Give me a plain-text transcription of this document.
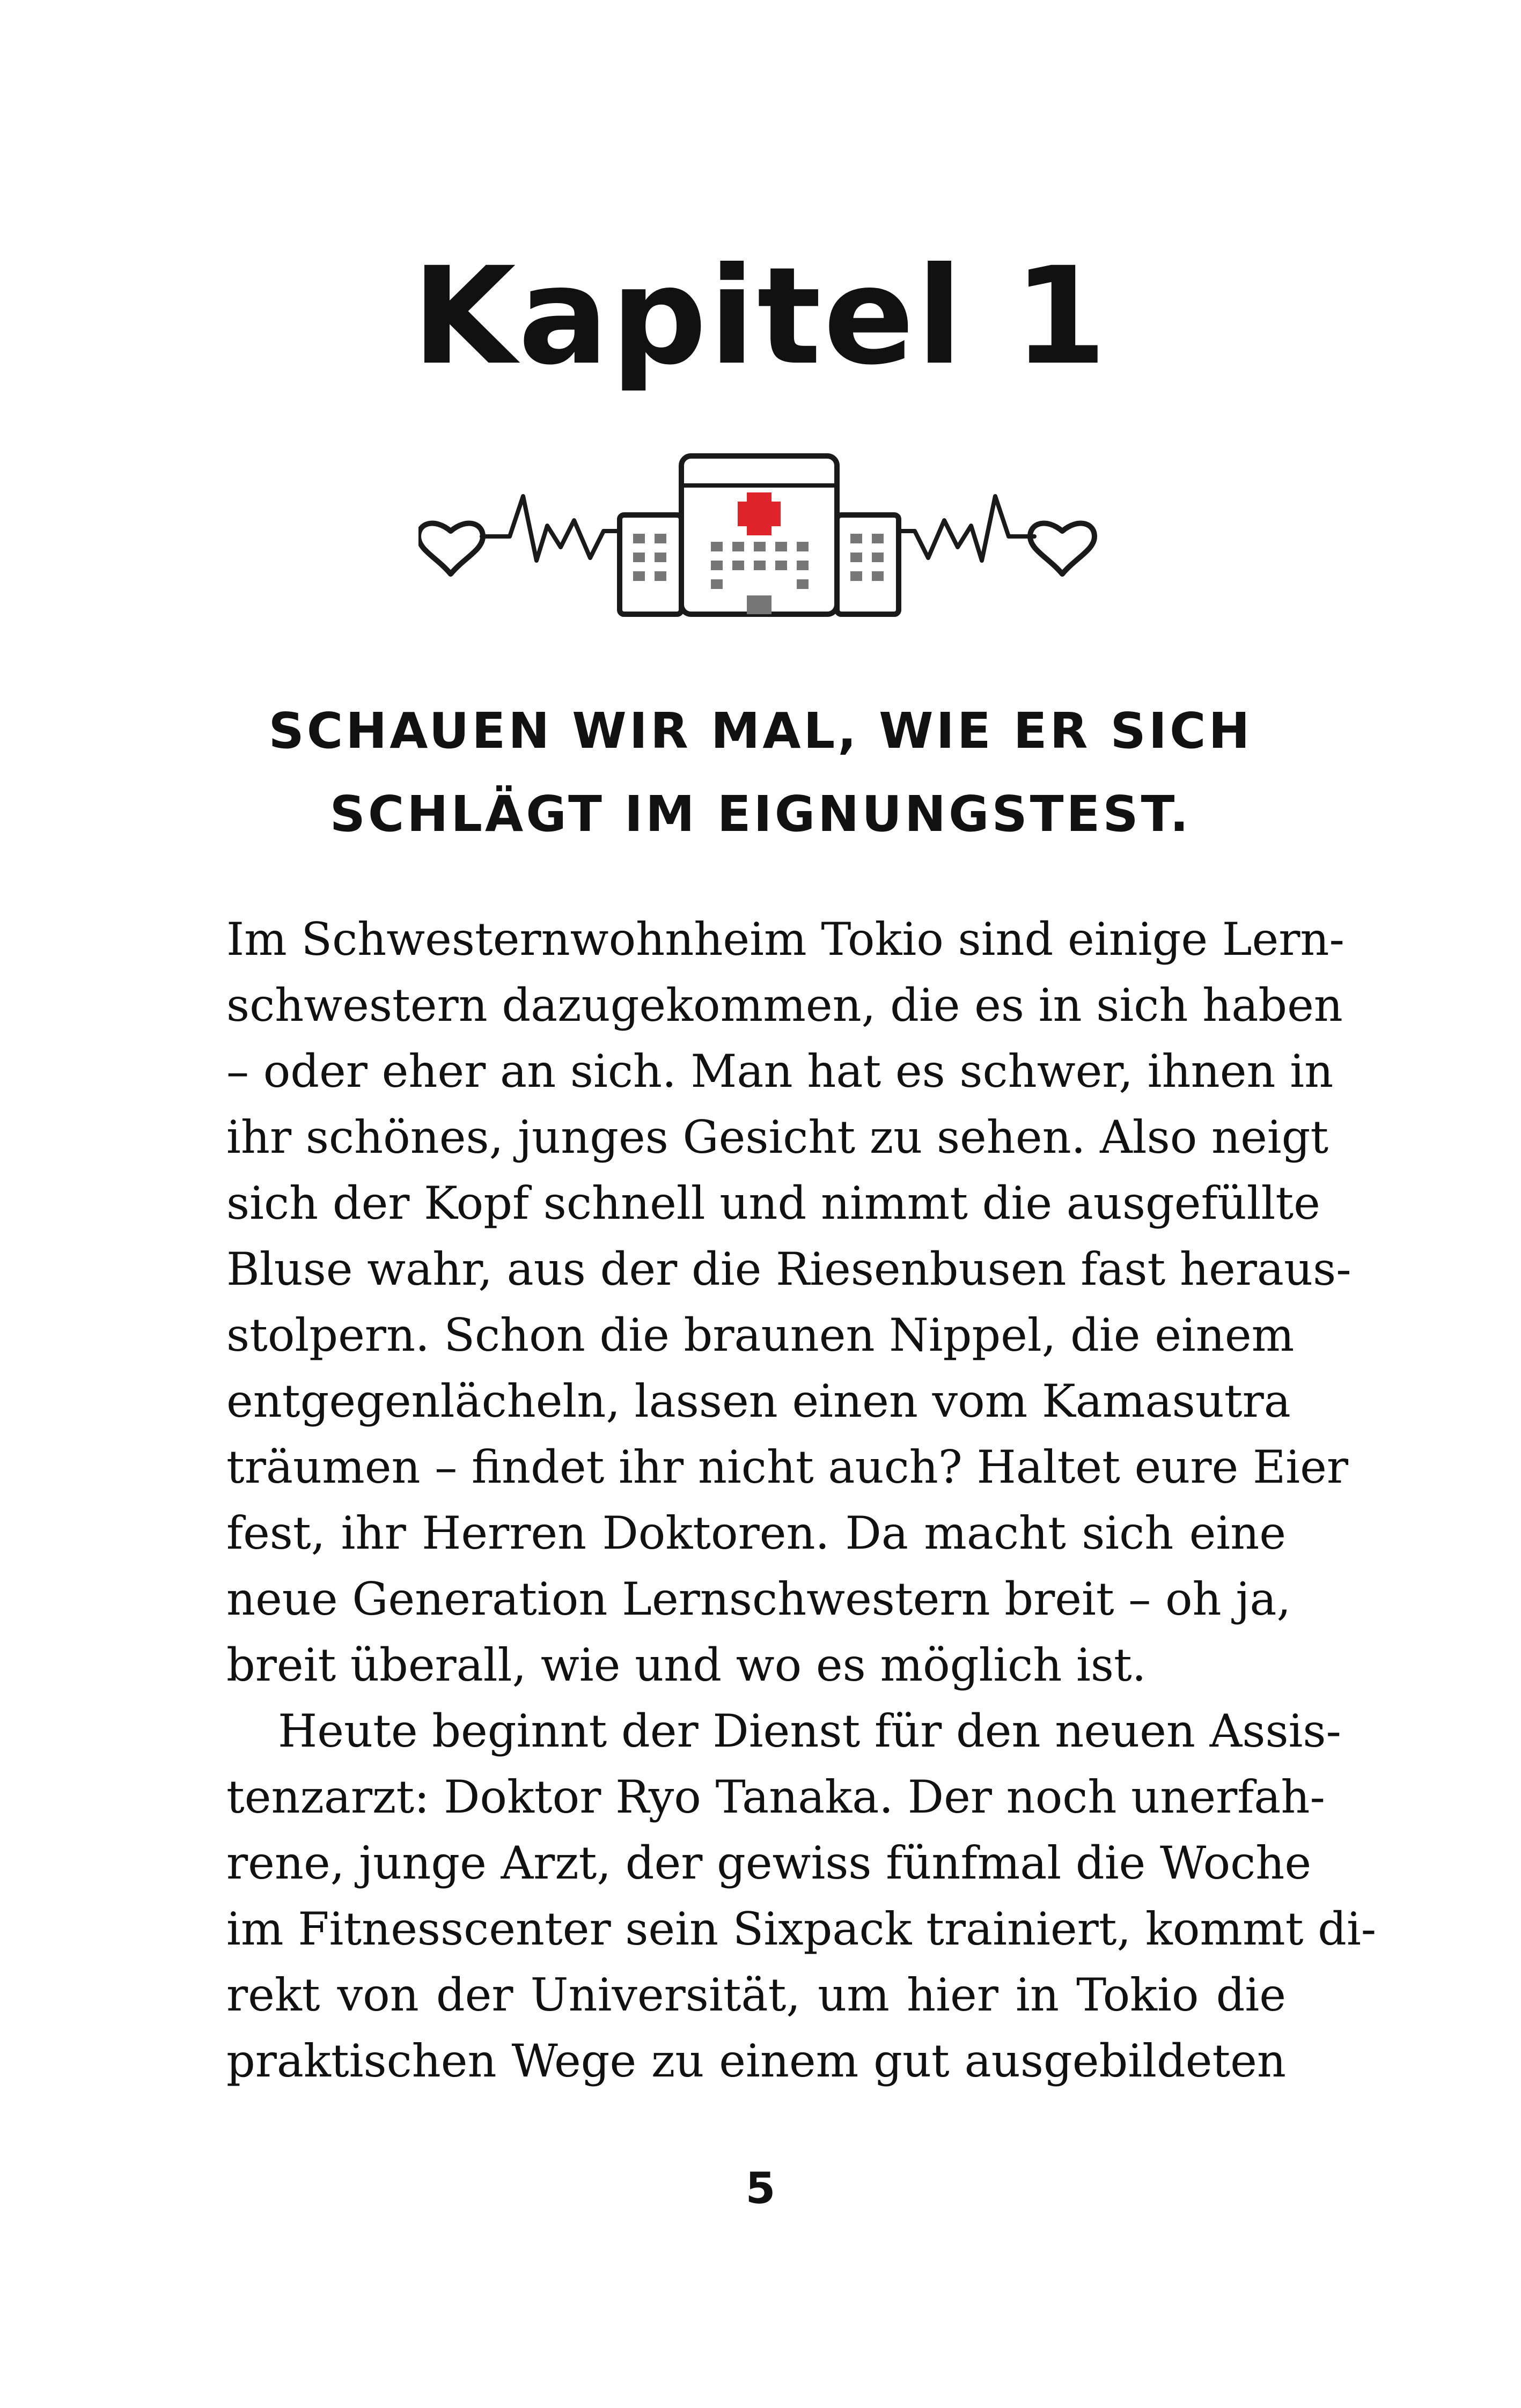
Kapitel 1
SCHAUEN WIR MAL, WIE ER SICH
SCHLÄGT IM EIGNUNGSTEST.
Im Schwesternwohnheim Tokio sind einige Lern-
schwestern dazugekommen, die es in sich haben
– oder eher an sich. Man hat es schwer, ihnen in
ihr schönes, junges Gesicht zu sehen. Also neigt
sich der Kopf schnell und nimmt die ausgefüllte
Bluse wahr, aus der die Riesenbusen fast heraus-
stolpern. Schon die braunen Nippel, die einem
entgegenlächeln, lassen einen vom Kamasutra
träumen – findet ihr nicht auch? Haltet eure Eier
fest, ihr Herren Doktoren. Da macht sich eine
neue Generation Lernschwestern breit – oh ja,
breit überall, wie und wo es möglich ist.
Heute beginnt der Dienst für den neuen Assis-
tenzarzt: Doktor Ryo Tanaka. Der noch unerfah-
rene, junge Arzt, der gewiss fünfmal die Woche
im Fitnesscenter sein Sixpack trainiert, kommt di-
rekt von der Universität, um hier in Tokio die
praktischen Wege zu einem gut ausgebildeten
5
